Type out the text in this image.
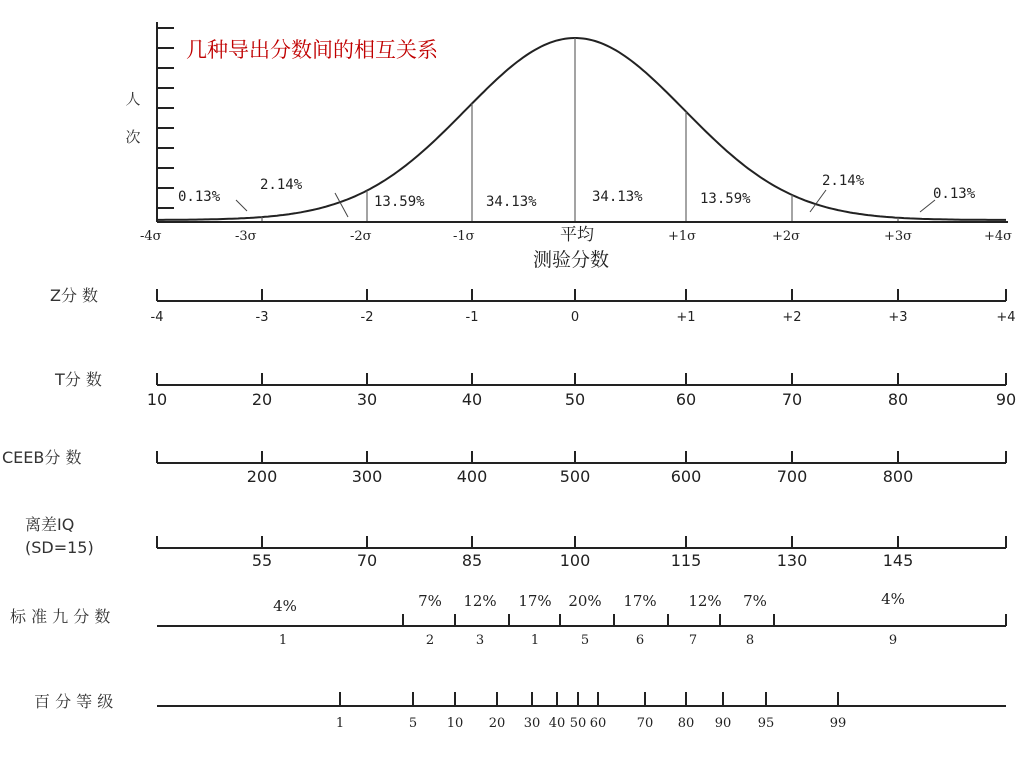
几种导出分数间的相互关系
人
次
0.13%
2.14%
13.59%	34.13%	34.13%	13.59%
2.14%
0.13%
-4σ	-3σ	-2σ	-1σ	平均	+1σ	+2σ	+3σ	+4σ
测验分数
-4	-3	-2	-1	0	+1	+2	+3	+4
Z分 数
10	20	30	40	50	60	70	80	90
T分 数
200	300	400	500	600	700	800
CEEB分 数
55	70	85	100	115	130	145
离差IQ
(SD=15)
标 准 九 分 数
4%	7% 12% 17% 20% 17% 12% 7%	4%
1	2	3	1	5	6	7	8	9
百 分 等 级
1	5 10 20 30 40 50 60 70 80 90 95	99
